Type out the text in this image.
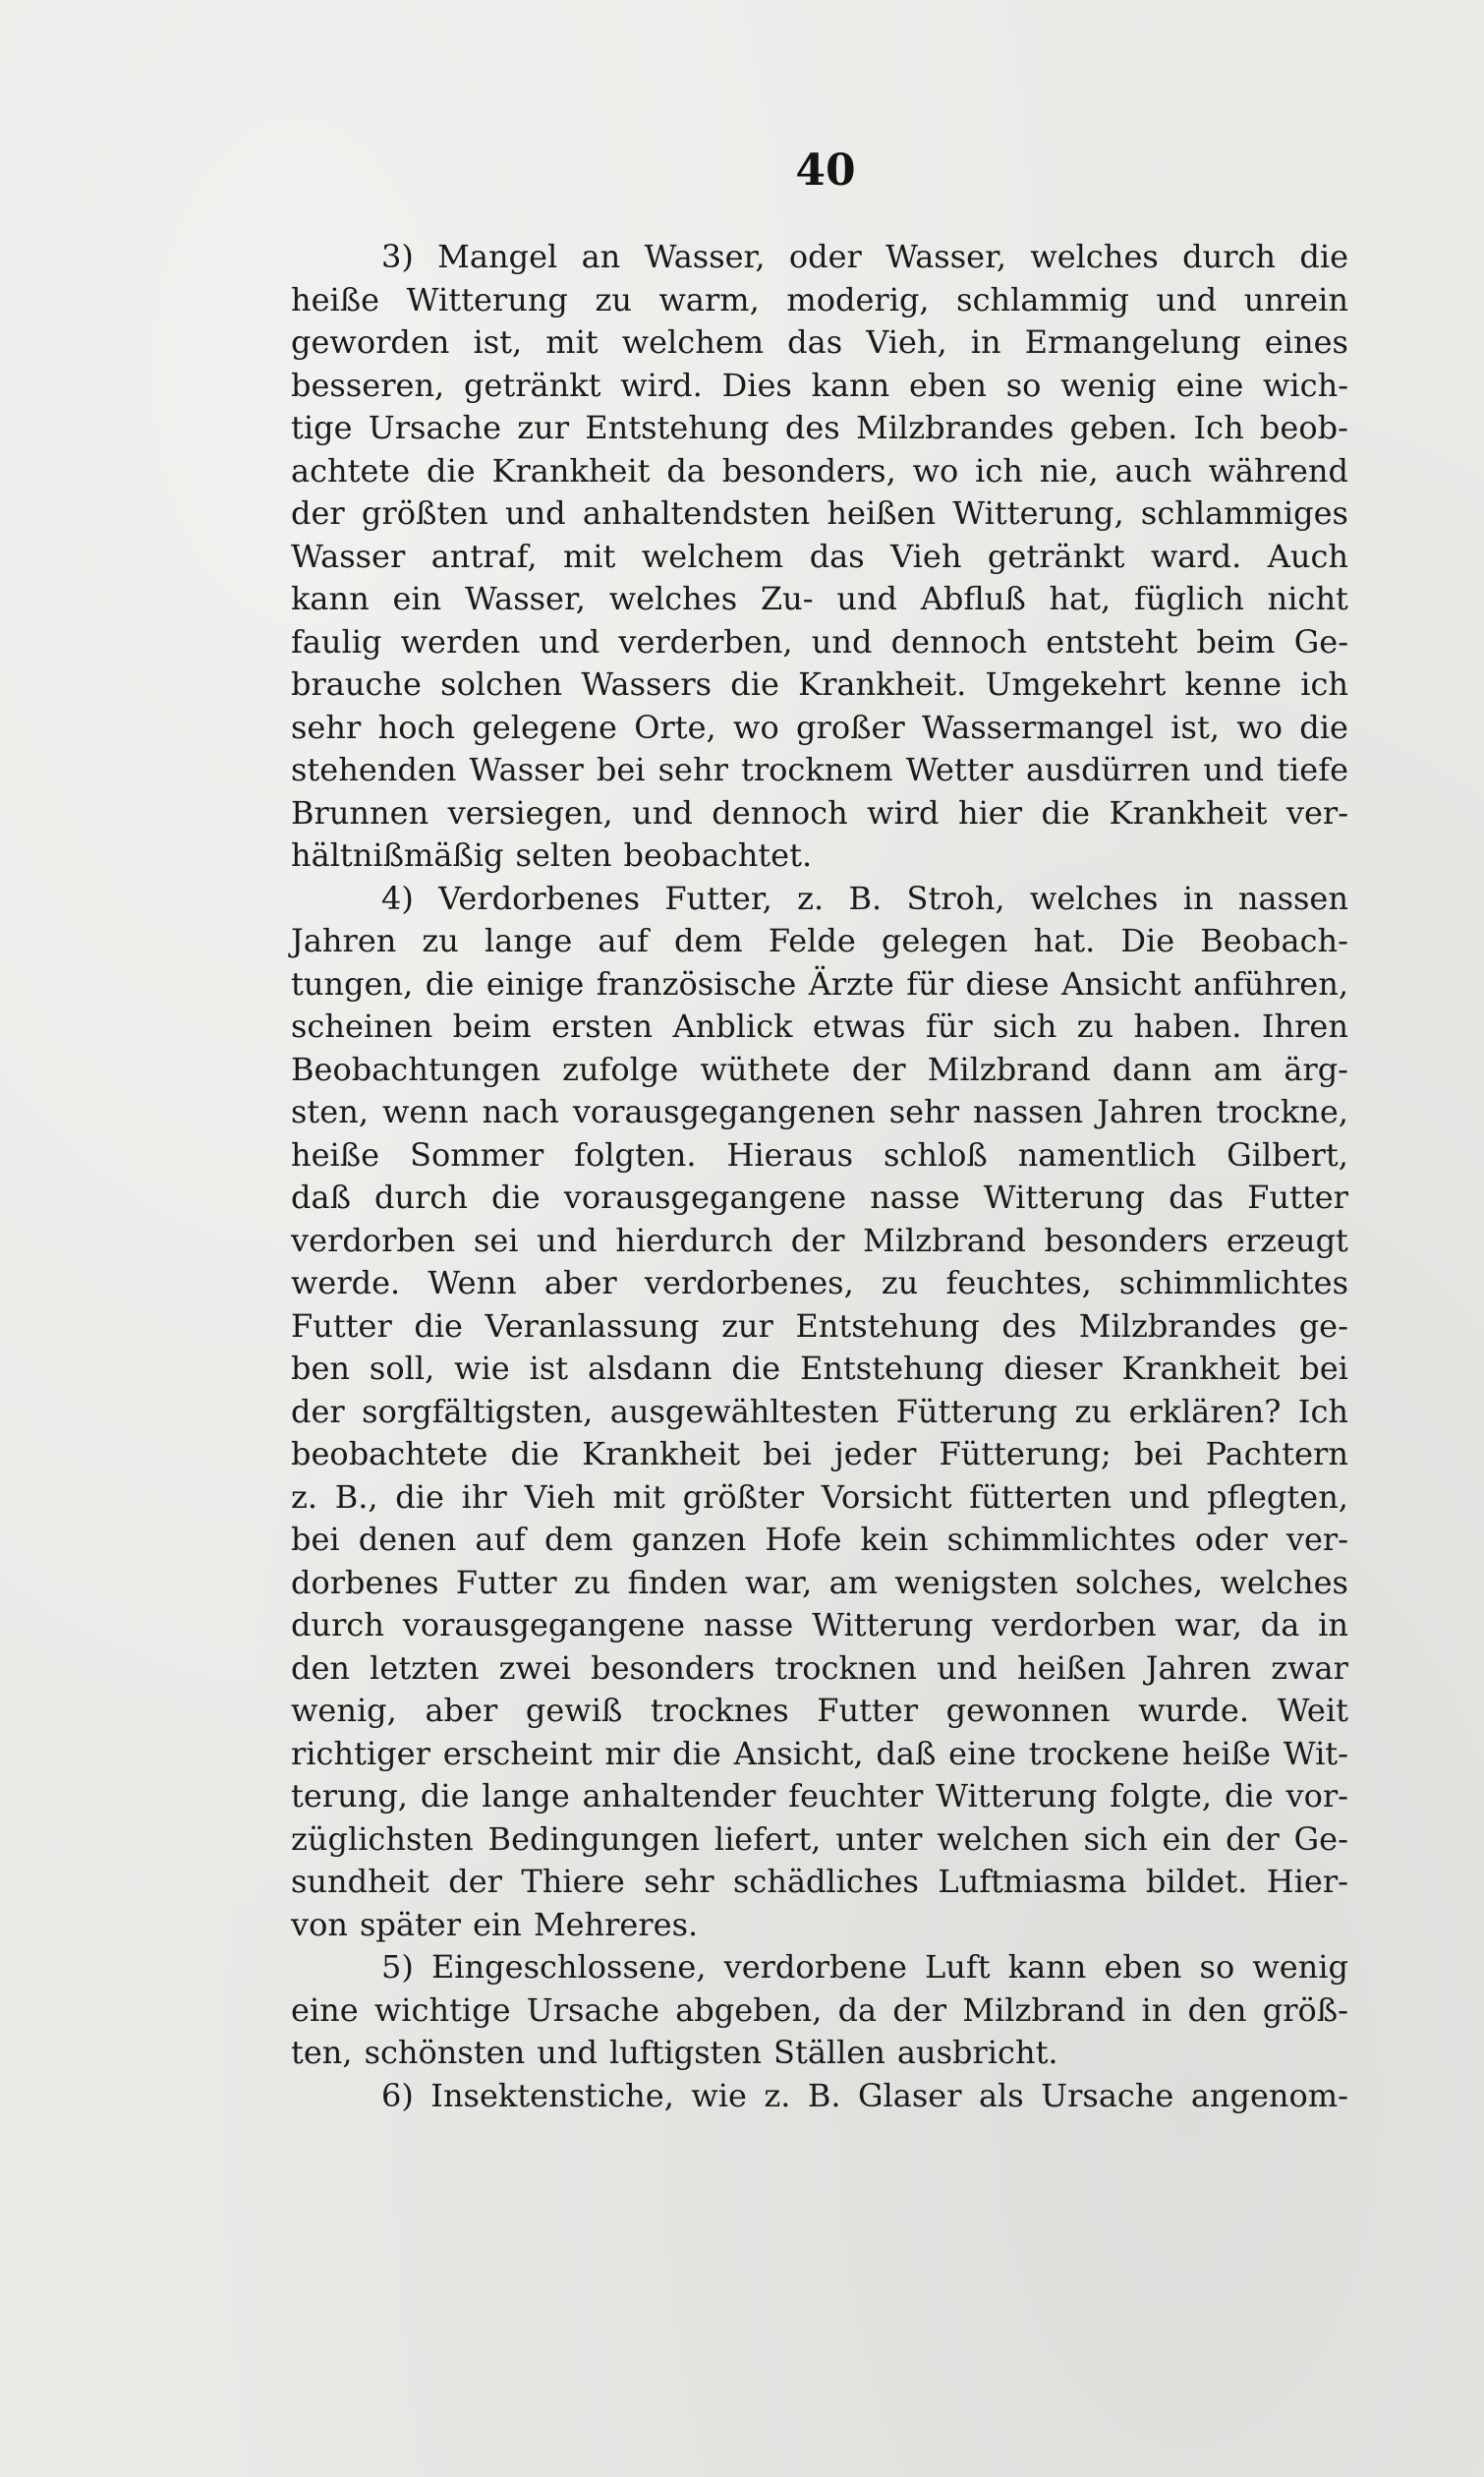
40
3) Mangel an Wasser, oder Wasser, welches durch die
heiße Witterung zu warm, moderig, schlammig und unrein
geworden ist, mit welchem das Vieh, in Ermangelung eines
besseren, getränkt wird. Dies kann eben so wenig eine wich-
tige Ursache zur Entstehung des Milzbrandes geben. Ich beob-
achtete die Krankheit da besonders, wo ich nie, auch während
der größten und anhaltendsten heißen Witterung, schlammiges
Wasser antraf, mit welchem das Vieh getränkt ward. Auch
kann ein Wasser, welches Zu- und Abfluß hat, füglich nicht
faulig werden und verderben, und dennoch entsteht beim Ge-
brauche solchen Wassers die Krankheit. Umgekehrt kenne ich
sehr hoch gelegene Orte, wo großer Wassermangel ist, wo die
stehenden Wasser bei sehr trocknem Wetter ausdürren und tiefe
Brunnen versiegen, und dennoch wird hier die Krankheit ver-
hältnißmäßig selten beobachtet.
4) Verdorbenes Futter, z. B. Stroh, welches in nassen
Jahren zu lange auf dem Felde gelegen hat. Die Beobach-
tungen, die einige französische Ärzte für diese Ansicht anführen,
scheinen beim ersten Anblick etwas für sich zu haben. Ihren
Beobachtungen zufolge wüthete der Milzbrand dann am ärg-
sten, wenn nach vorausgegangenen sehr nassen Jahren trockne,
heiße Sommer folgten. Hieraus schloß namentlich Gilbert,
daß durch die vorausgegangene nasse Witterung das Futter
verdorben sei und hierdurch der Milzbrand besonders erzeugt
werde. Wenn aber verdorbenes, zu feuchtes, schimmlichtes
Futter die Veranlassung zur Entstehung des Milzbrandes ge-
ben soll, wie ist alsdann die Entstehung dieser Krankheit bei
der sorgfältigsten, ausgewähltesten Fütterung zu erklären? Ich
beobachtete die Krankheit bei jeder Fütterung; bei Pachtern
z. B., die ihr Vieh mit größter Vorsicht fütterten und pflegten,
bei denen auf dem ganzen Hofe kein schimmlichtes oder ver-
dorbenes Futter zu finden war, am wenigsten solches, welches
durch vorausgegangene nasse Witterung verdorben war, da in
den letzten zwei besonders trocknen und heißen Jahren zwar
wenig, aber gewiß trocknes Futter gewonnen wurde. Weit
richtiger erscheint mir die Ansicht, daß eine trockene heiße Wit-
terung, die lange anhaltender feuchter Witterung folgte, die vor-
züglichsten Bedingungen liefert, unter welchen sich ein der Ge-
sundheit der Thiere sehr schädliches Luftmiasma bildet. Hier-
von später ein Mehreres.
5) Eingeschlossene, verdorbene Luft kann eben so wenig
eine wichtige Ursache abgeben, da der Milzbrand in den größ-
ten, schönsten und luftigsten Ställen ausbricht.
6) Insektenstiche, wie z. B. Glaser als Ursache angenom-
